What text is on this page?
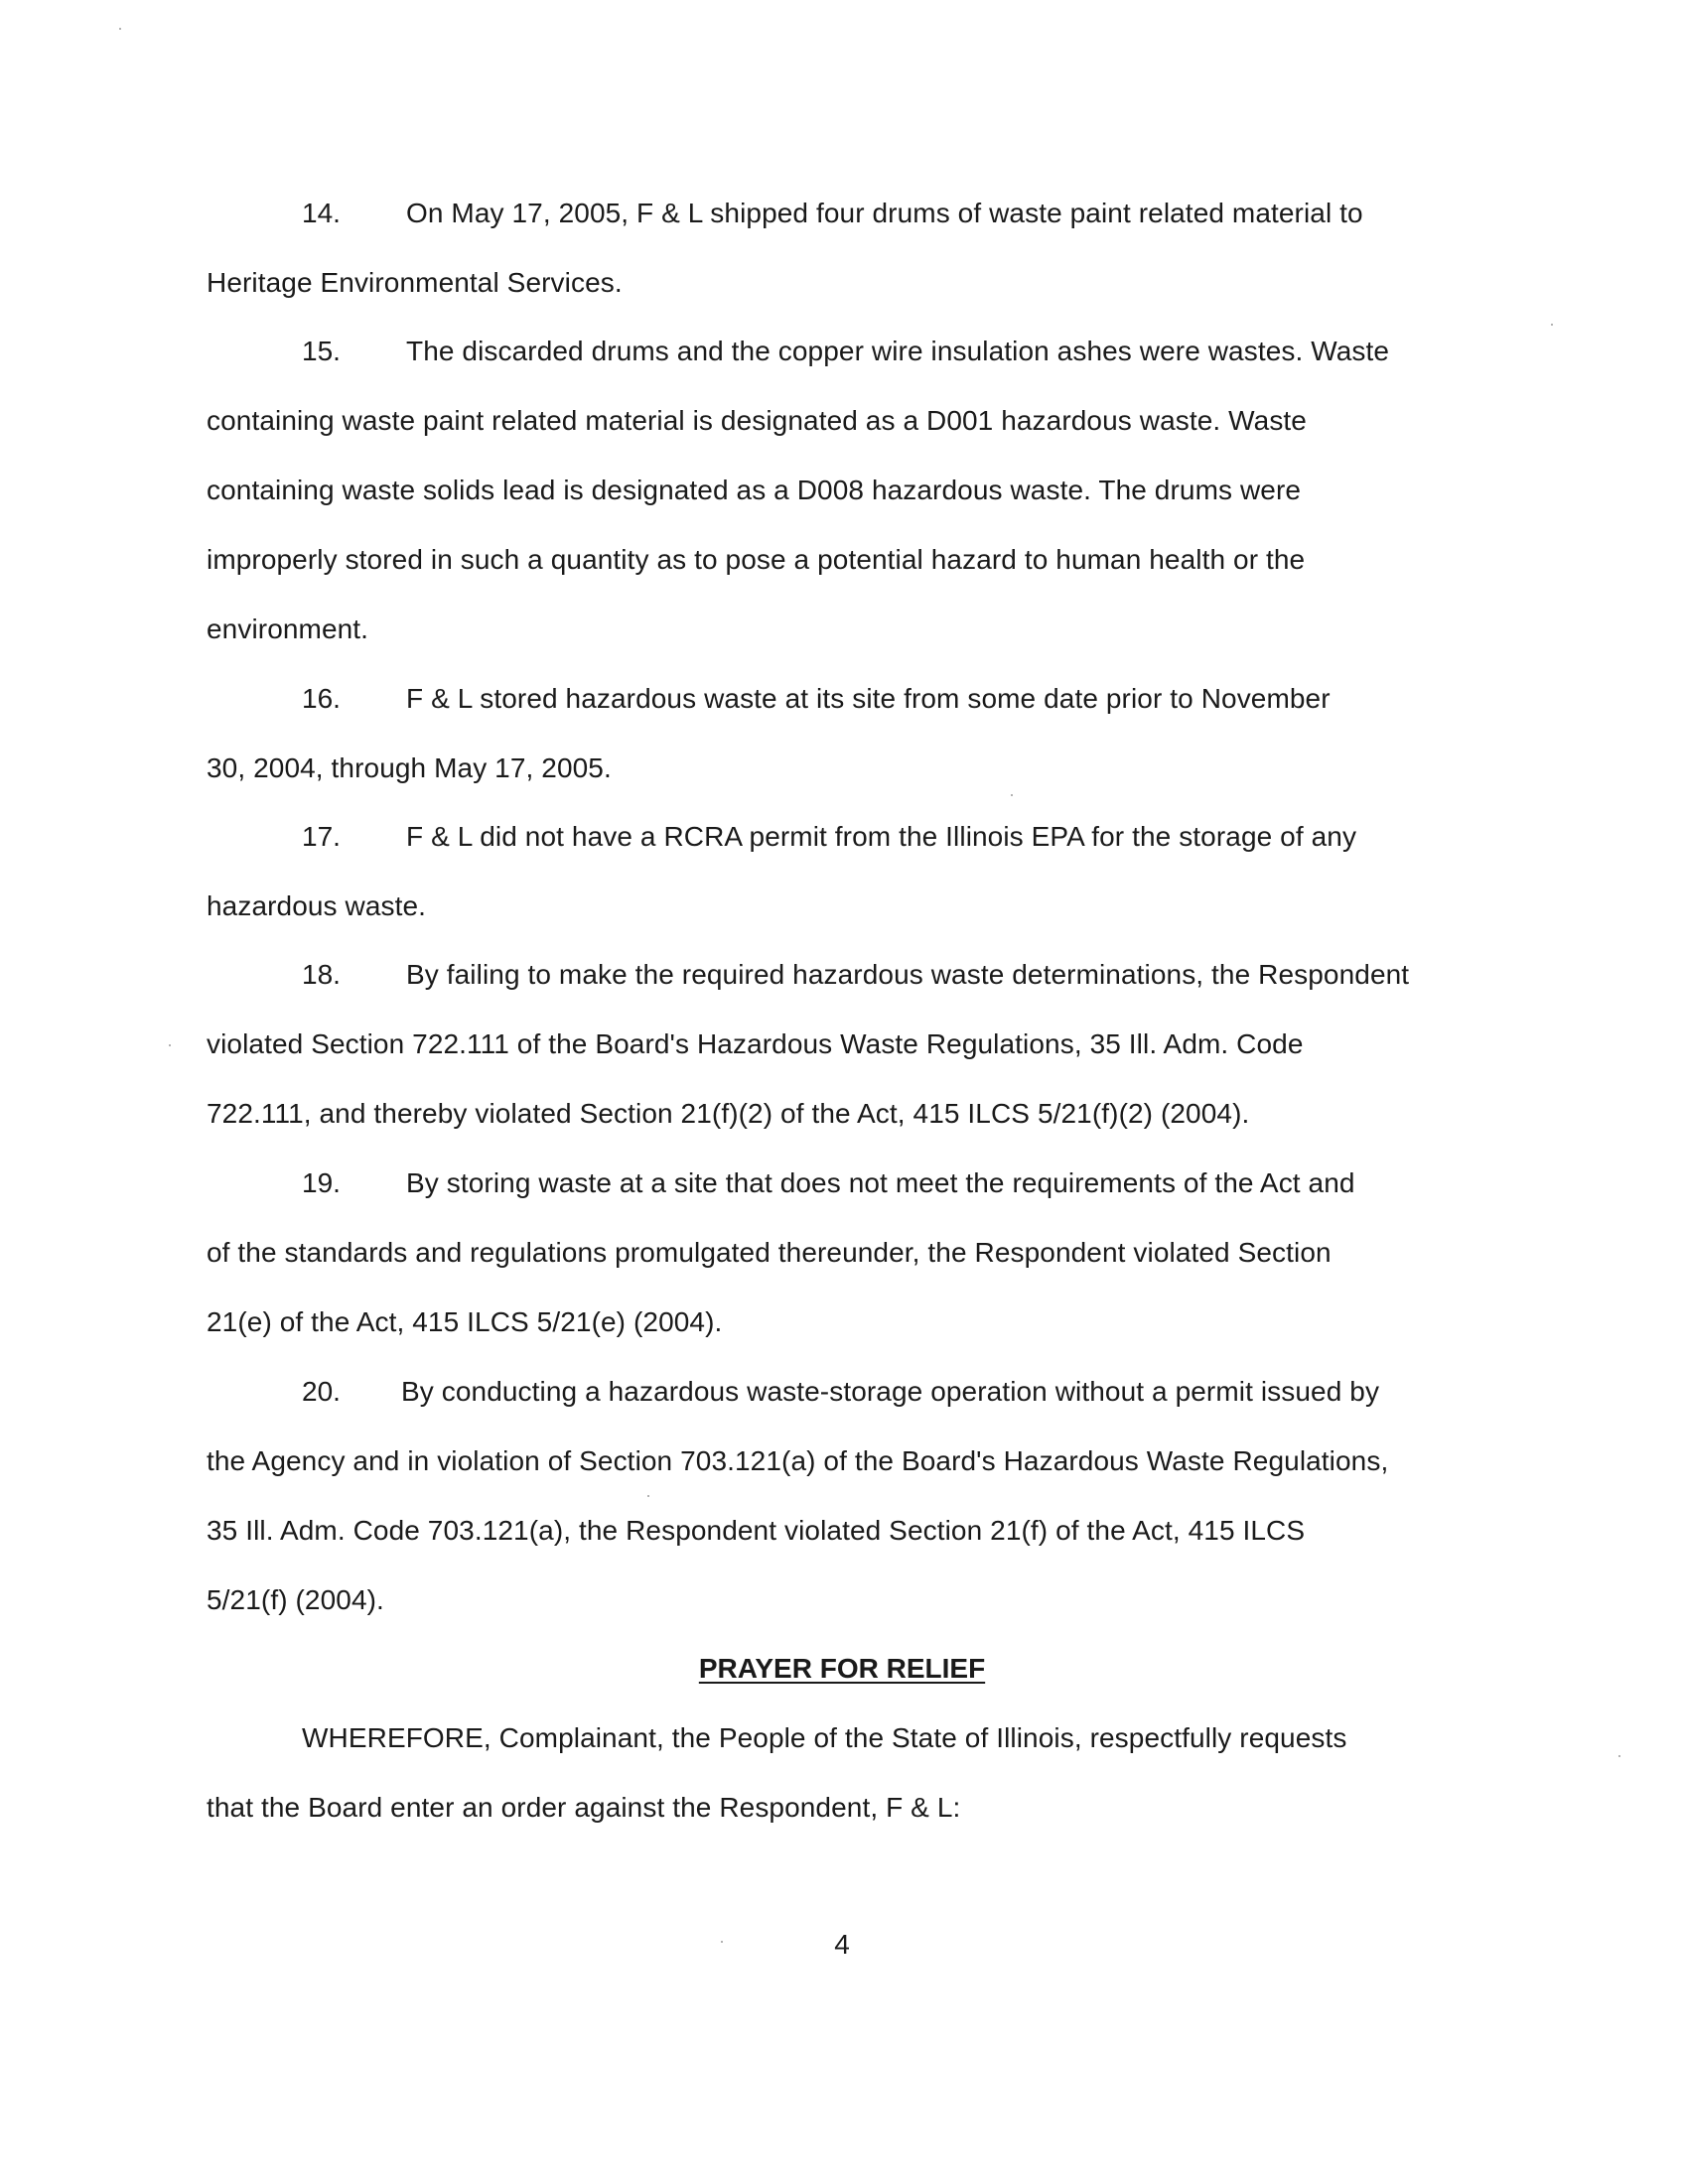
14. On May 17, 2005, F & L shipped four drums of waste paint related material to
Heritage Environmental Services.
15. The discarded drums and the copper wire insulation ashes were wastes. Waste
containing waste paint related material is designated as a D001 hazardous waste. Waste
containing waste solids lead is designated as a D008 hazardous waste. The drums were
improperly stored in such a quantity as to pose a potential hazard to human health or the
environment.
16. F & L stored hazardous waste at its site from some date prior to November
30, 2004, through May 17, 2005.
17. F & L did not have a RCRA permit from the Illinois EPA for the storage of any
hazardous waste.
18. By failing to make the required hazardous waste determinations, the Respondent
violated Section 722.111 of the Board's Hazardous Waste Regulations, 35 Ill. Adm. Code
722.111, and thereby violated Section 21(f)(2) of the Act, 415 ILCS 5/21(f)(2) (2004).
19. By storing waste at a site that does not meet the requirements of the Act and
of the standards and regulations promulgated thereunder, the Respondent violated Section
21(e) of the Act, 415 ILCS 5/21(e) (2004).
20. By conducting a hazardous waste-storage operation without a permit issued by
the Agency and in violation of Section 703.121(a) of the Board's Hazardous Waste Regulations,
35 Ill. Adm. Code 703.121(a), the Respondent violated Section 21(f) of the Act, 415 ILCS
5/21(f) (2004).
PRAYER FOR RELIEF
WHEREFORE, Complainant, the People of the State of Illinois, respectfully requests
that the Board enter an order against the Respondent, F & L:
4
